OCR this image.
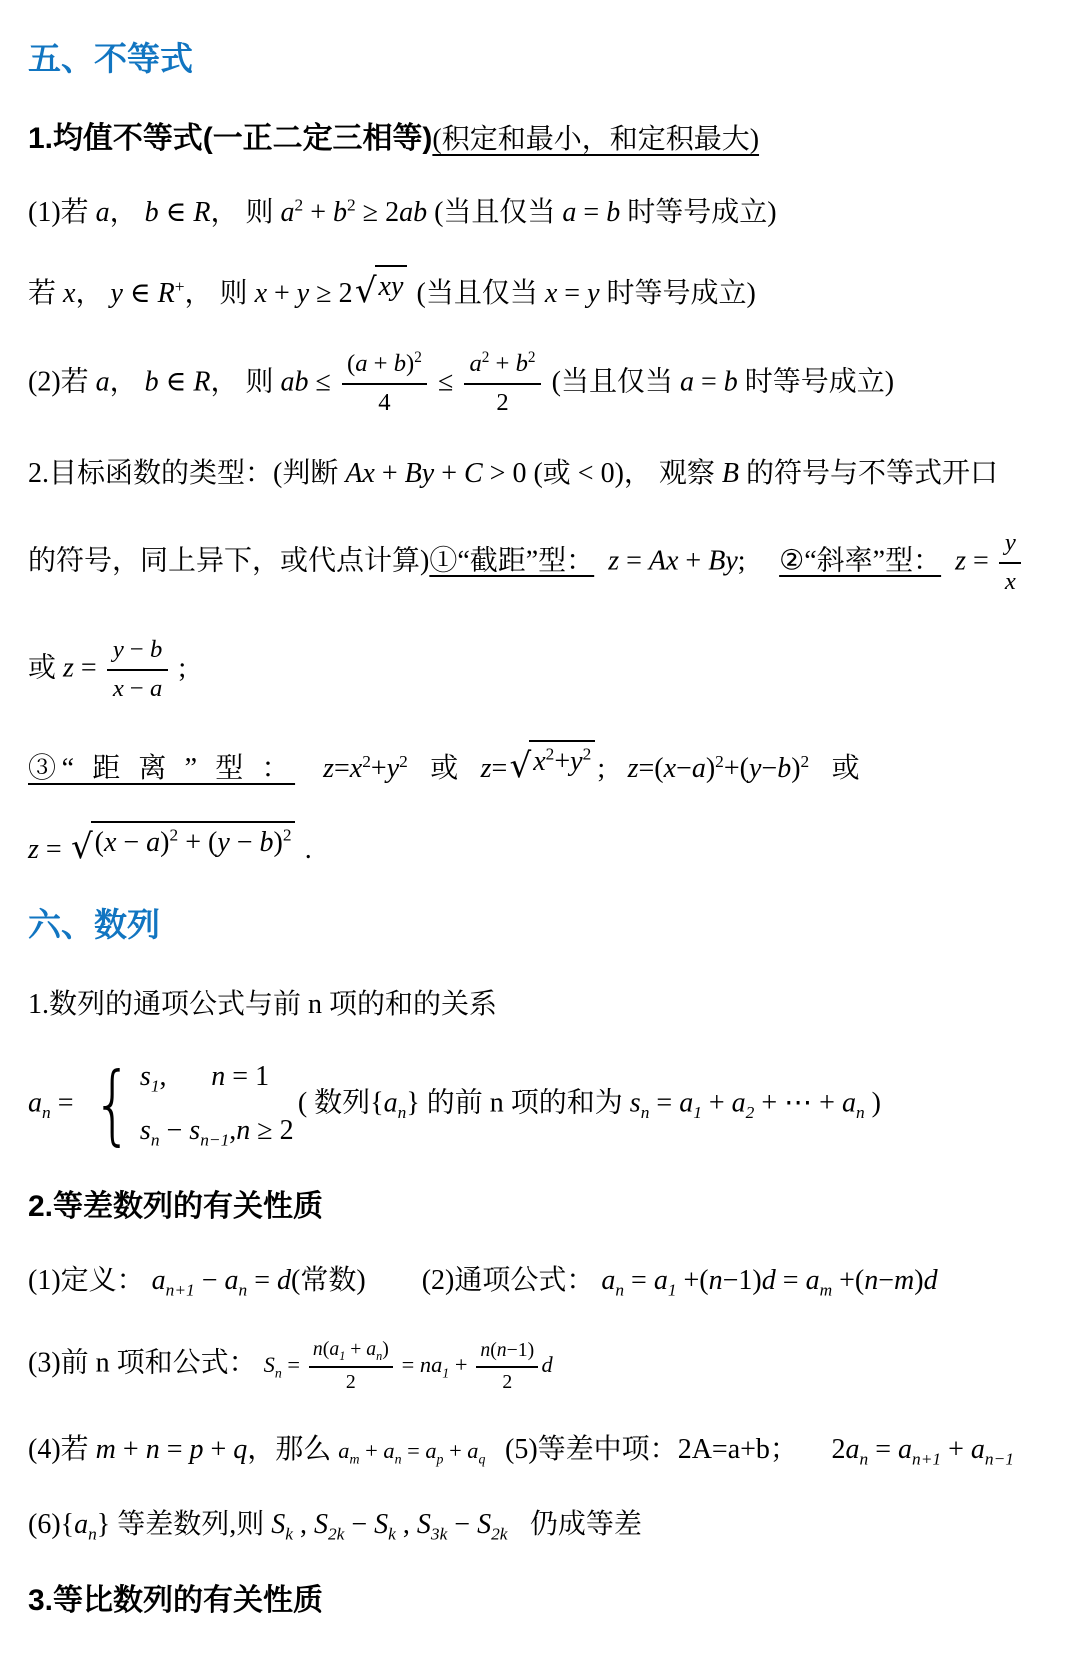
五、不等式

1.均值不等式(一正二定三相等)(积定和最小，和定积最大)

(1)若 a， b ∈ R， 则 $a^2 + b^2 \ge 2ab$ (当且仅当 a = b 时等号成立)

若 x， y ∈ R+， 则 x + y ≥ 2 √ xy (当且仅当 x = y 时等号成立)

(2)若 a， b ∈ R， 则 ab ≤ $\frac{(a + b)^2}{4} \le \frac{a^2 + b^2}{2}$ (当且仅当 a = b 时等号成立)

2.目标函数的类型：(判断 Ax + By + C > 0 (或 < 0)， 观察 B 的符号与不等式开口

的符号，同上异下，或代点计算)①“截距”型： z = Ax + By; ②“斜率”型： $z = \frac{y}{x}$

或 $z = \frac{y - b}{x - a}$ ;

③“ 距 离 ” 型 ： $z=x^2+y^2$ 或 z= √ $x^2+y^2$ ; $z=(x-a)^2+(y-b)^2$ 或

z = √ $(x - a)^2 + (y - b)^2$ .

六、数列

1.数列的通项公式与前 n 项的和的关系

$a_n$ = { $s_1$, n = 1
$s_n - s_{n-1},n \ge 2$
( 数列$\{a_n\}$ 的前 n 项的和为 $s_n = a_1 + a_2$ + ⋯ + $a_n$ )

2.等差数列的有关性质

(1)定义： $a_{n+1} - a_n = d$(常数) (2)通项公式： $a_n = a_1 +(n-1)d = a_m +(n-m)d$

(3)前 n 项和公式： $S_n = \frac{n(a_1 + a_n)}{2} = na_1 + \frac{n(n-1)}{2}$ d

(4)若 m + n = p + q，那么 $a_m + a_n = a_p + a_q$ (5)等差中项：2A=a+b； $2a_n = a_{n+1} + a_{n-1}$

$(6)\{a_n\}$ 等差数列,则 $S_k$ , $S_{2k} - S_k$ , $S_{3k} - S_{2k}$ 仍成等差

3.等比数列的有关性质
